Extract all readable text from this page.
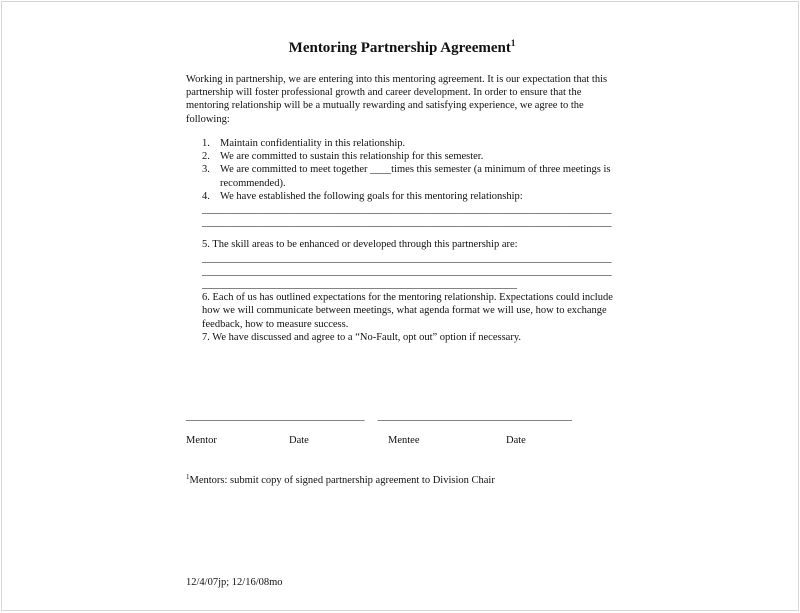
Mentoring Partnership Agreement$^1$
Working in partnership, we are entering into this mentoring agreement. It is our expectation that this partnership will foster professional growth and career development. In order to ensure that the mentoring relationship will be a mutually rewarding and satisfying experience, we agree to the following:
1. Maintain confidentiality in this relationship.
2. We are committed to sustain this relationship for this semester.
3. We are committed to meet together ____times this semester (a minimum of three meetings is recommended).
4. We have established the following goals for this mentoring relationship:
______________________________________________________________________________
______________________________________________________________________________
5. The skill areas to be enhanced or developed through this partnership are:
______________________________________________________________________________
______________________________________________________________________________
____________________________________________________________
6. Each of us has outlined expectations for the mentoring relationship. Expectations could include how we will communicate between meetings, what agenda format we will use, how to exchange feedback, how to measure success.
7. We have discussed and agree to a “No-Fault, opt out” option if necessary.
__________________________________     _____________________________________
Mentor	Date	Mentee	Date
$^1$Mentors: submit copy of signed partnership agreement to Division Chair
12/4/07jp; 12/16/08mo
